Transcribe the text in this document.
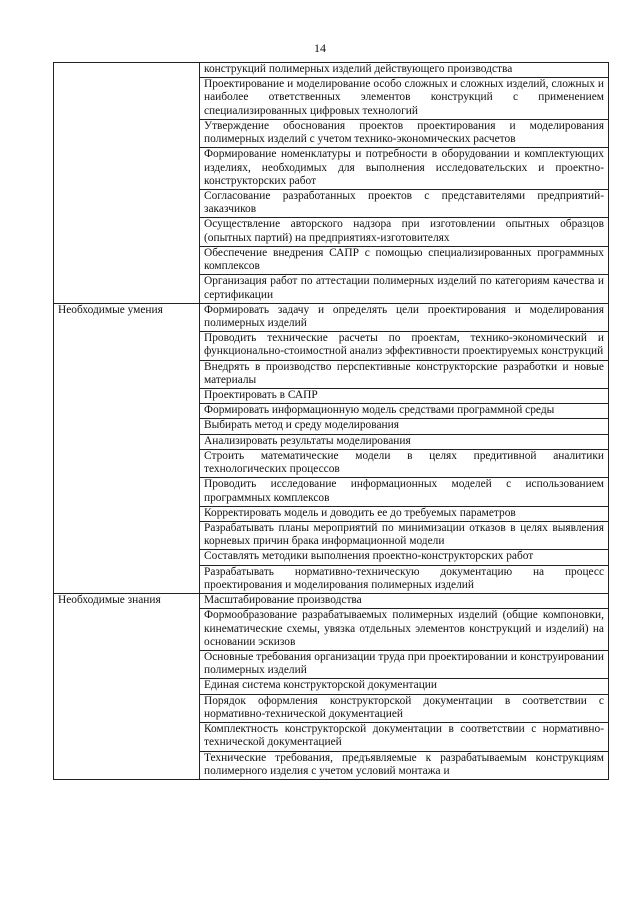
14
	конструкций полимерных изделий действующего производства
	Проектирование и моделирование особо сложных и сложных изделий, сложных и наиболее ответственных элементов конструкций с применением специализированных цифровых технологий
	Утверждение обоснования проектов проектирования и моделирования полимерных изделий с учетом технико-экономических расчетов
	Формирование номенклатуры и потребности в оборудовании и комплектующих изделиях, необходимых для выполнения исследовательских и проектно-конструкторских работ
	Согласование разработанных проектов с представителями предприятий-заказчиков
	Осуществление авторского надзора при изготовлении опытных образцов (опытных партий) на предприятиях-изготовителях
	Обеспечение внедрения САПР с помощью специализированных программных комплексов
	Организация работ по аттестации полимерных изделий по категориям качества и сертификации
Необходимые умения	Формировать задачу и определять цели проектирования и моделирования полимерных изделий
	Проводить технические расчеты по проектам, технико-экономический и функционально-стоимостной анализ эффективности проектируемых конструкций
	Внедрять в производство перспективные конструкторские разработки и новые материалы
	Проектировать в САПР
	Формировать информационную модель средствами программной среды
	Выбирать метод и среду моделирования
	Анализировать результаты моделирования
	Строить математические модели в целях предитивной аналитики технологических процессов
	Проводить исследование информационных моделей с использованием программных комплексов
	Корректировать модель и доводить ее до требуемых параметров
	Разрабатывать планы мероприятий по минимизации отказов в целях выявления корневых причин брака информационной модели
	Составлять методики выполнения проектно-конструкторских работ
	Разрабатывать нормативно-техническую документацию на процесс проектирования и моделирования полимерных изделий
Необходимые знания	Масштабирование производства
	Формообразование разрабатываемых полимерных изделий (общие компоновки, кинематические схемы, увязка отдельных элементов конструкций и изделий) на основании эскизов
	Основные требования организации труда при проектировании и конструировании полимерных изделий
	Единая система конструкторской документации
	Порядок оформления конструкторской документации в соответствии с нормативно-технической документацией
	Комплектность конструкторской документации в соответствии с нормативно-технической документацией
	Технические требования, предъявляемые к разрабатываемым конструкциям полимерного изделия с учетом условий монтажа и
